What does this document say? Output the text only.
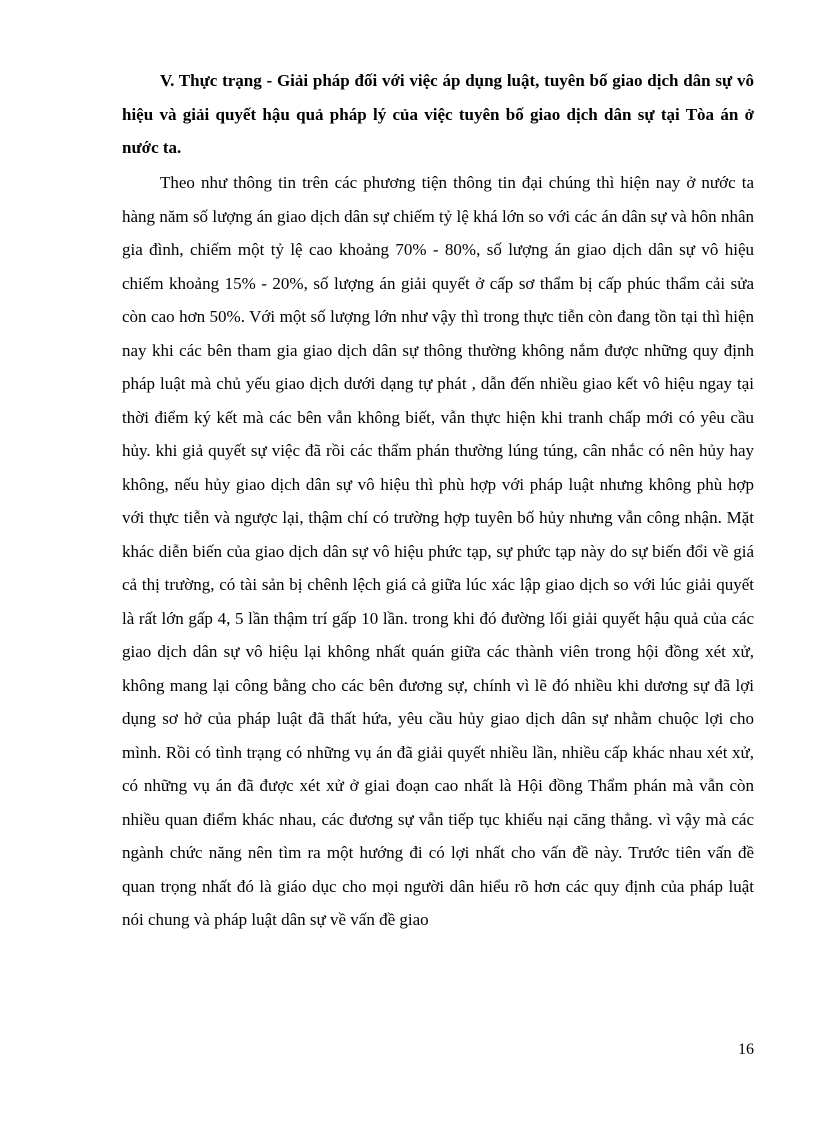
V. Thực trạng - Giải pháp đối với việc áp dụng luật, tuyên bố giao dịch dân sự vô hiệu và giải quyết hậu quả pháp lý của việc tuyên bố giao dịch dân sự tại Tòa án ở nước ta.

Theo như thông tin trên các phương tiện thông tin đại chúng thì hiện nay ở nước ta hàng năm số lượng án giao dịch dân sự chiếm tỷ lệ khá lớn so với các án dân sự và hôn nhân gia đình, chiếm một tỷ lệ cao khoảng 70% - 80%, số lượng án giao dịch dân sự vô hiệu chiếm khoảng 15% - 20%, số lượng án giải quyết ở cấp sơ thẩm bị cấp phúc thẩm cải sửa còn cao hơn 50%. Với một số lượng lớn như vậy thì trong thực tiễn còn đang tồn tại thì hiện nay khi các bên tham gia giao dịch dân sự thông thường không nắm được những quy định pháp luật mà chủ yếu giao dịch dưới dạng tự phát , dẫn đến nhiều giao kết vô hiệu ngay tại thời điểm ký kết mà các bên vẫn không biết, vẫn thực hiện khi tranh chấp mới có yêu cầu hủy. khi giả quyết sự việc đã rồi các thẩm phán thường lúng túng, cân nhắc có nên hủy hay không, nếu hủy giao dịch dân sự vô hiệu thì phù hợp với pháp luật nhưng không phù hợp với thực tiễn và ngược lại, thậm chí có trường hợp tuyên bố hủy nhưng vẫn công nhận. Mặt khác diễn biến của giao dịch dân sự vô hiệu phức tạp, sự phức tạp này do sự biến đổi về giá cả thị trường, có tài sản bị chênh lệch giá cả giữa lúc xác lập giao dịch so với lúc giải quyết là rất lớn gấp 4, 5 lần thậm trí gấp 10 lần. trong khi đó đường lối giải quyết hậu quả của các giao dịch dân sự vô hiệu lại không nhất quán giữa các thành viên trong hội đồng xét xử, không mang lại công bằng cho các bên đương sự, chính vì lẽ đó nhiều khi dương sự đã lợi dụng sơ hở của pháp luật đã thất hứa, yêu cầu hủy giao dịch dân sự nhằm chuộc lợi cho mình. Rồi có tình trạng có những vụ án đã giải quyết nhiều lần, nhiều cấp khác nhau xét xử, có những vụ án đã được xét xử ở giai đoạn cao nhất là Hội đồng Thẩm phán mà vẫn còn nhiều quan điểm khác nhau, các đương sự vẫn tiếp tục khiếu nại căng thẳng. vì vậy mà các ngành chức năng nên tìm ra một hướng đi có lợi nhất cho vấn đề này. Trước tiên vấn đề quan trọng nhất đó là giáo dục cho mọi người dân hiểu rõ hơn các quy định của pháp luật nói chung và pháp luật dân sự về vấn đề giao

16
